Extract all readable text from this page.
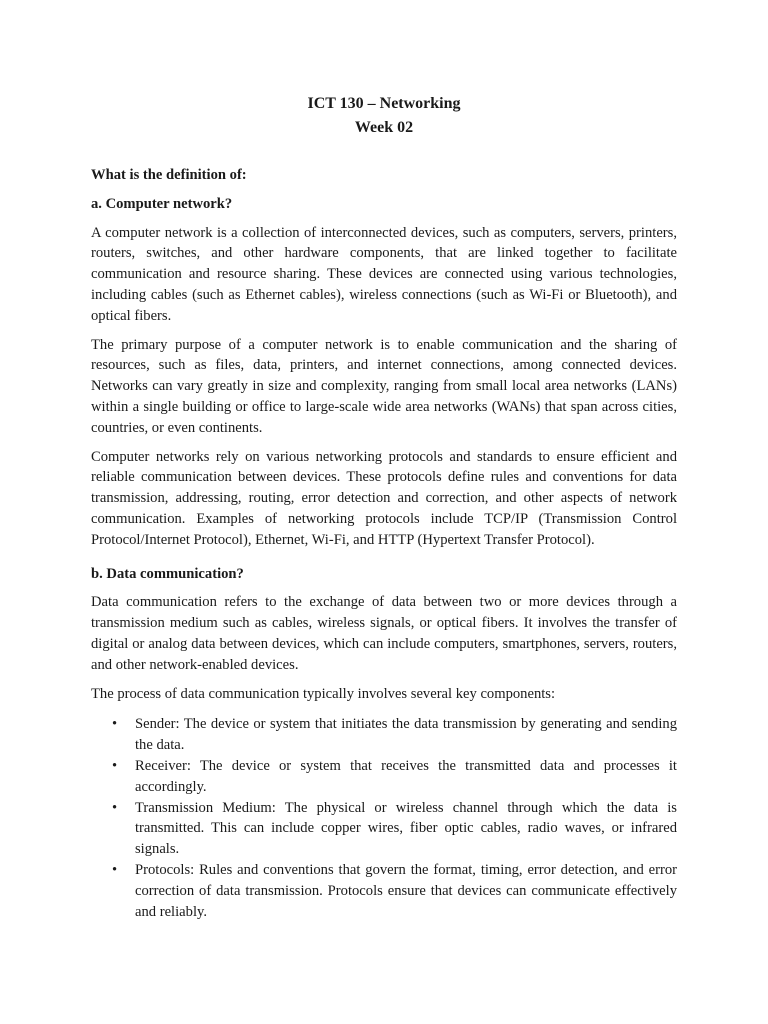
ICT 130 – Networking

Week 02

What is the definition of:

a. Computer network?

A computer network is a collection of interconnected devices, such as computers, servers, printers, routers, switches, and other hardware components, that are linked together to facilitate communication and resource sharing. These devices are connected using various technologies, including cables (such as Ethernet cables), wireless connections (such as Wi-Fi or Bluetooth), and optical fibers.

The primary purpose of a computer network is to enable communication and the sharing of resources, such as files, data, printers, and internet connections, among connected devices. Networks can vary greatly in size and complexity, ranging from small local area networks (LANs) within a single building or office to large-scale wide area networks (WANs) that span across cities, countries, or even continents.

Computer networks rely on various networking protocols and standards to ensure efficient and reliable communication between devices. These protocols define rules and conventions for data transmission, addressing, routing, error detection and correction, and other aspects of network communication. Examples of networking protocols include TCP/IP (Transmission Control Protocol/Internet Protocol), Ethernet, Wi-Fi, and HTTP (Hypertext Transfer Protocol).

b. Data communication?

Data communication refers to the exchange of data between two or more devices through a transmission medium such as cables, wireless signals, or optical fibers. It involves the transfer of digital or analog data between devices, which can include computers, smartphones, servers, routers, and other network-enabled devices.

The process of data communication typically involves several key components:

• Sender: The device or system that initiates the data transmission by generating and sending the data.
• Receiver: The device or system that receives the transmitted data and processes it accordingly.
• Transmission Medium: The physical or wireless channel through which the data is transmitted. This can include copper wires, fiber optic cables, radio waves, or infrared signals.
• Protocols: Rules and conventions that govern the format, timing, error detection, and error correction of data transmission. Protocols ensure that devices can communicate effectively and reliably.
